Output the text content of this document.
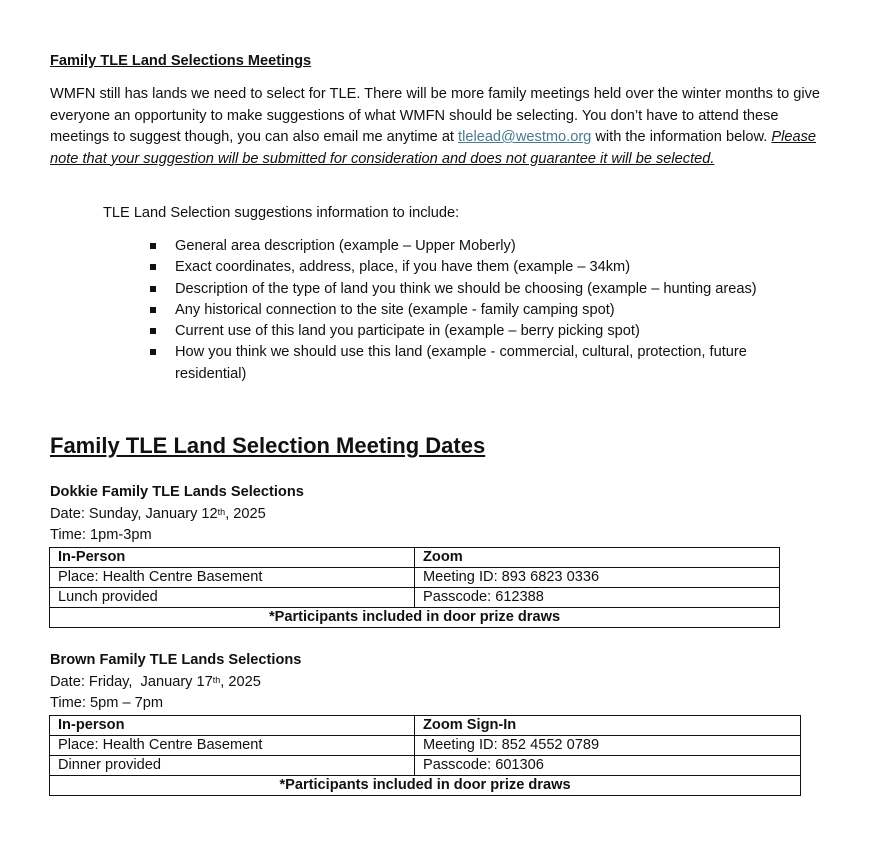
Family TLE Land Selections Meetings
WMFN still has lands we need to select for TLE. There will be more family meetings held over the winter months to give everyone an opportunity to make suggestions of what WMFN should be selecting. You don’t have to attend these meetings to suggest though, you can also email me anytime at tlelead@westmo.org with the information below. Please note that your suggestion will be submitted for consideration and does not guarantee it will be selected.
TLE Land Selection suggestions information to include:
General area description (example – Upper Moberly)
Exact coordinates, address, place, if you have them (example – 34km)
Description of the type of land you think we should be choosing (example – hunting areas)
Any historical connection to the site (example - family camping spot)
Current use of this land you participate in (example – berry picking spot)
How you think we should use this land (example - commercial, cultural, protection, future residential)
Family TLE Land Selection Meeting Dates
Dokkie Family TLE Lands Selections
Date: Sunday, January 12th, 2025
Time: 1pm-3pm
In-Person	Zoom
Place: Health Centre Basement	Meeting ID: 893 6823 0336
Lunch provided	Passcode: 612388
*Participants included in door prize draws	
Brown Family TLE Lands Selections
Date: Friday,  January 17th, 2025
Time: 5pm – 7pm
In-person	Zoom Sign-In
Place: Health Centre Basement	Meeting ID: 852 4552 0789
Dinner provided	Passcode: 601306
*Participants included in door prize draws	
